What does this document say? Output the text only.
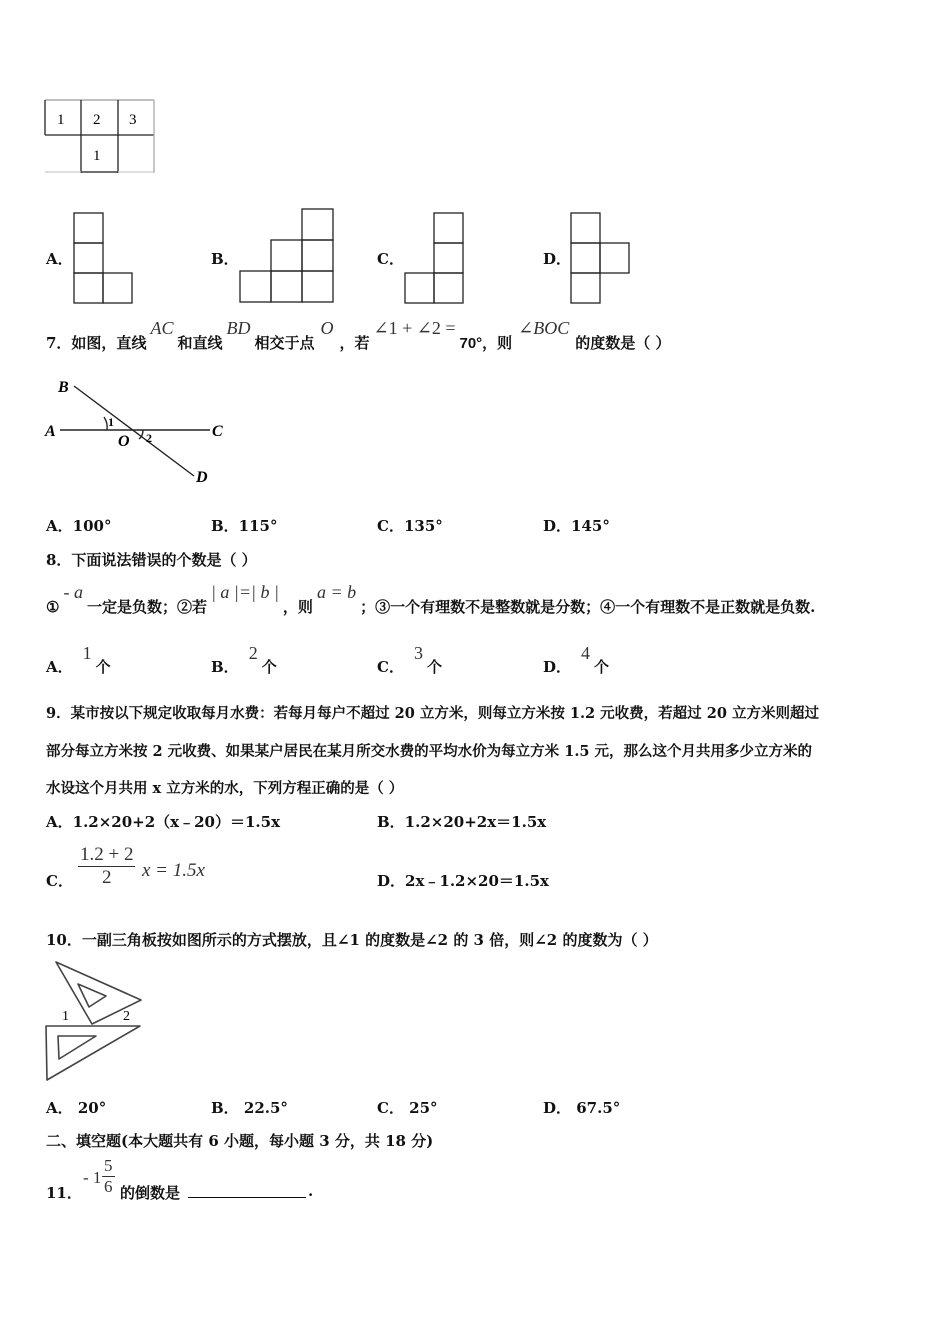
1 2 3
1
A．	B．	C．	D．
7．如图，直线AC和直线BD相交于点O，若∠1 + ∠2 =70°，则∠BOC的度数是（ ）
B
A	C
D
O
1
2
A．100°	B．115°	C．135°	D．145°
8．下面说法错误的个数是（ ）
①- a一定是负数；②若| a |=| b |，则a = b；③一个有理数不是整数就是分数；④一个有理数不是正数就是负数.
A．1个	B．2个	C．3个	D．4个
9．某市按以下规定收取每月水费：若每月每户不超过 20 立方米，则每立方米按 1.2 元收费，若超过 20 立方米则超过
部分每立方米按 2 元收费、如果某户居民在某月所交水费的平均水价为每立方米 1.5 元，那么这个月共用多少立方米的
水设这个月共用 x 立方米的水，下列方程正确的是（ ）
A．1.2×20+2（x﹣20）＝1.5x	B．1.2×20+2x＝1.5x
C． $\frac{1.2 + 2}{2}$ x = 1.5x	D．2x﹣1.2×20＝1.5x
10．一副三角板按如图所示的方式摆放，且∠1 的度数是∠2 的 3 倍，则∠2 的度数为（ ）
1	2
A． 20°	B． 22.5°	C． 25°	D． 67.5°
二、填空题(本大题共有 6 小题，每小题 3 分，共 18 分)
11．
- $1 \frac{5}{6}$ 的倒数是	.
